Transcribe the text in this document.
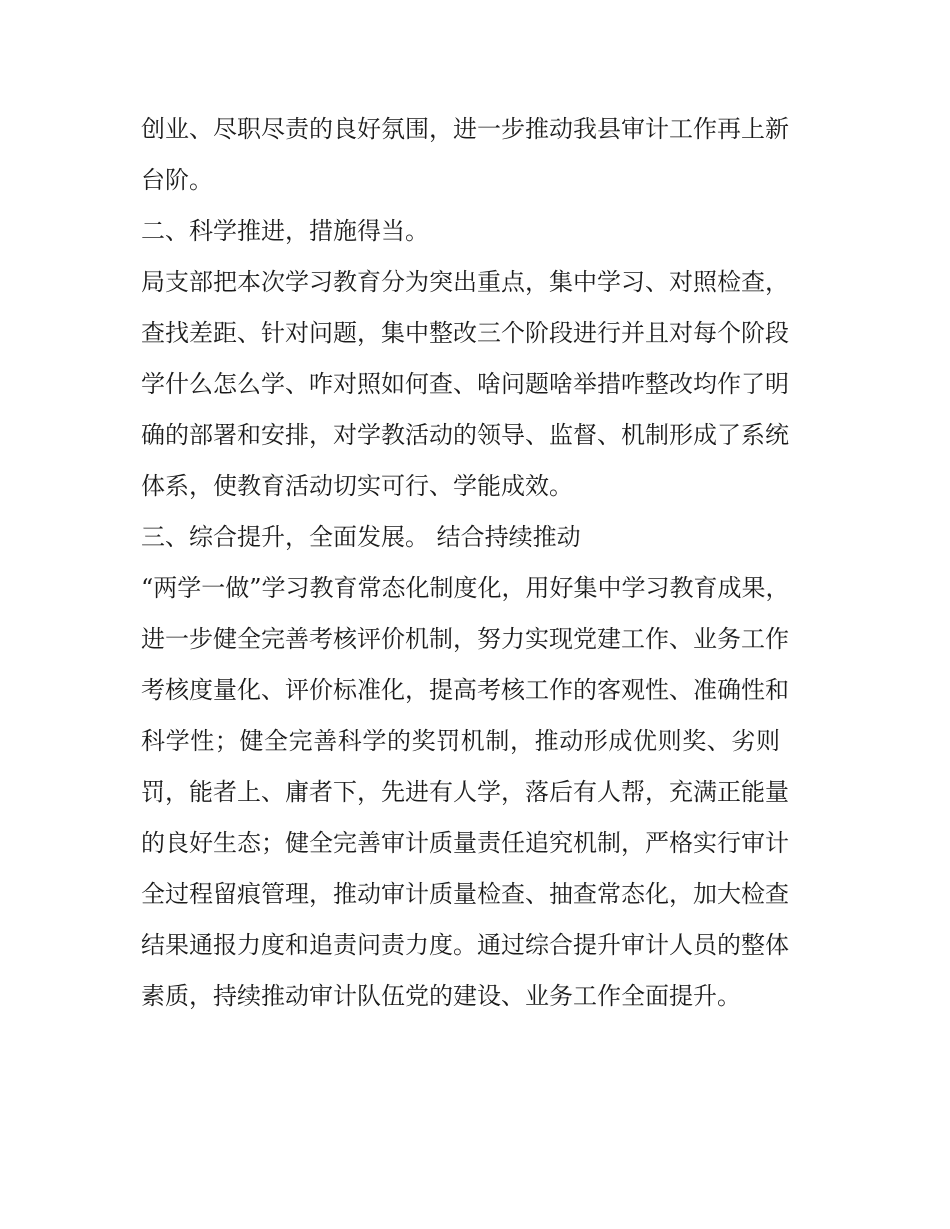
创业、尽职尽责的良好氛围，进一步推动我县审计工作再上新
台阶。
二、科学推进，措施得当。
局支部把本次学习教育分为突出重点，集中学习、对照检查，
查找差距、针对问题，集中整改三个阶段进行并且对每个阶段
学什么怎么学、咋对照如何查、啥问题啥举措咋整改均作了明
确的部署和安排，对学教活动的领导、监督、机制形成了系统
体系，使教育活动切实可行、学能成效。
三、综合提升，全面发展。 结合持续推动
“两学一做”学习教育常态化制度化，用好集中学习教育成果，
进一步健全完善考核评价机制，努力实现党建工作、业务工作
考核度量化、评价标准化，提高考核工作的客观性、准确性和
科学性；健全完善科学的奖罚机制，推动形成优则奖、劣则
罚，能者上、庸者下，先进有人学，落后有人帮，充满正能量
的良好生态；健全完善审计质量责任追究机制，严格实行审计
全过程留痕管理，推动审计质量检查、抽查常态化，加大检查
结果通报力度和追责问责力度。通过综合提升审计人员的整体
素质，持续推动审计队伍党的建设、业务工作全面提升。
